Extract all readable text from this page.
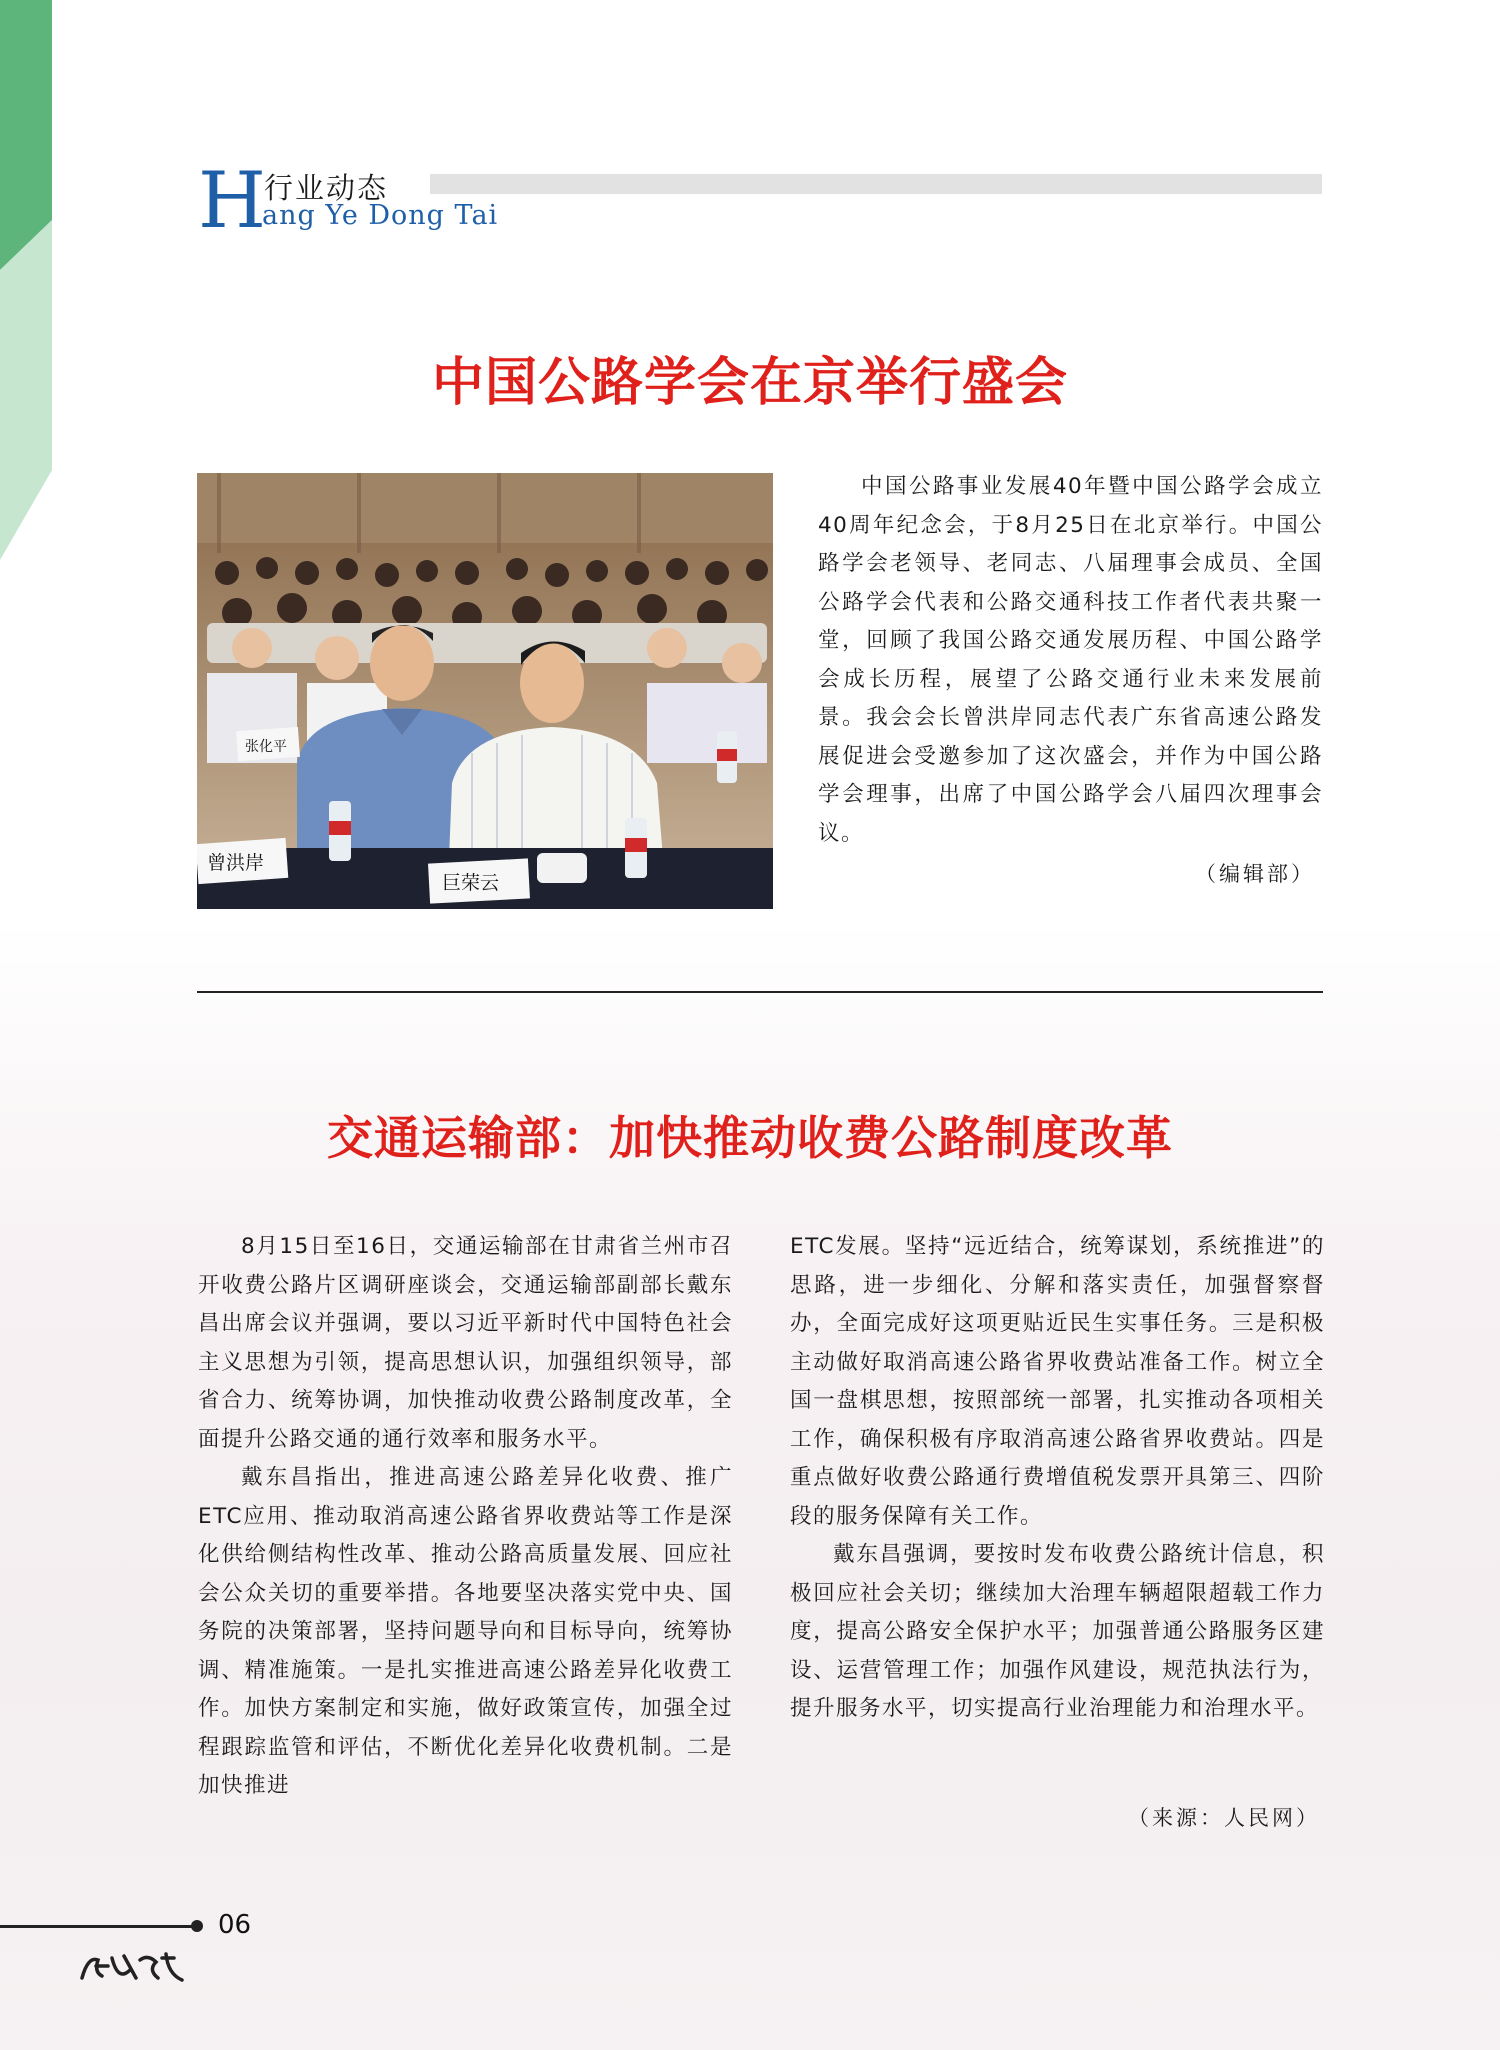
H
行业动态
ang Ye Dong Tai
中国公路学会在京举行盛会
曾洪岸
巨荣云
张化平

中国公路事业发展40年暨中国公路学会成立40周年纪念会，于8月25日在北京举行。中国公路学会老领导、老同志、八届理事会成员、全国公路学会代表和公路交通科技工作者代表共聚一堂，回顾了我国公路交通发展历程、中国公路学会成长历程，展望了公路交通行业未来发展前景。我会会长曾洪岸同志代表广东省高速公路发展促进会受邀参加了这次盛会，并作为中国公路学会理事，出席了中国公路学会八届四次理事会议。

（编辑部）
交通运输部：加快推动收费公路制度改革

8月15日至16日，交通运输部在甘肃省兰州市召开收费公路片区调研座谈会，交通运输部副部长戴东昌出席会议并强调，要以习近平新时代中国特色社会主义思想为引领，提高思想认识，加强组织领导，部省合力、统筹协调，加快推动收费公路制度改革，全面提升公路交通的通行效率和服务水平。

戴东昌指出，推进高速公路差异化收费、推广ETC应用、推动取消高速公路省界收费站等工作是深化供给侧结构性改革、推动公路高质量发展、回应社会公众关切的重要举措。各地要坚决落实党中央、国务院的决策部署，坚持问题导向和目标导向，统筹协调、精准施策。一是扎实推进高速公路差异化收费工作。加快方案制定和实施，做好政策宣传，加强全过程跟踪监管和评估，不断优化差异化收费机制。二是加快推进

ETC发展。坚持“远近结合，统筹谋划，系统推进”的思路，进一步细化、分解和落实责任，加强督察督办，全面完成好这项更贴近民生实事任务。三是积极主动做好取消高速公路省界收费站准备工作。树立全国一盘棋思想，按照部统一部署，扎实推动各项相关工作，确保积极有序取消高速公路省界收费站。四是重点做好收费公路通行费增值税发票开具第三、四阶段的服务保障有关工作。

戴东昌强调，要按时发布收费公路统计信息，积极回应社会关切；继续加大治理车辆超限超载工作力度，提高公路安全保护水平；加强普通公路服务区建设、运营管理工作；加强作风建设，规范执法行为，提升服务水平，切实提高行业治理能力和治理水平。

（来源：人民网）
06
